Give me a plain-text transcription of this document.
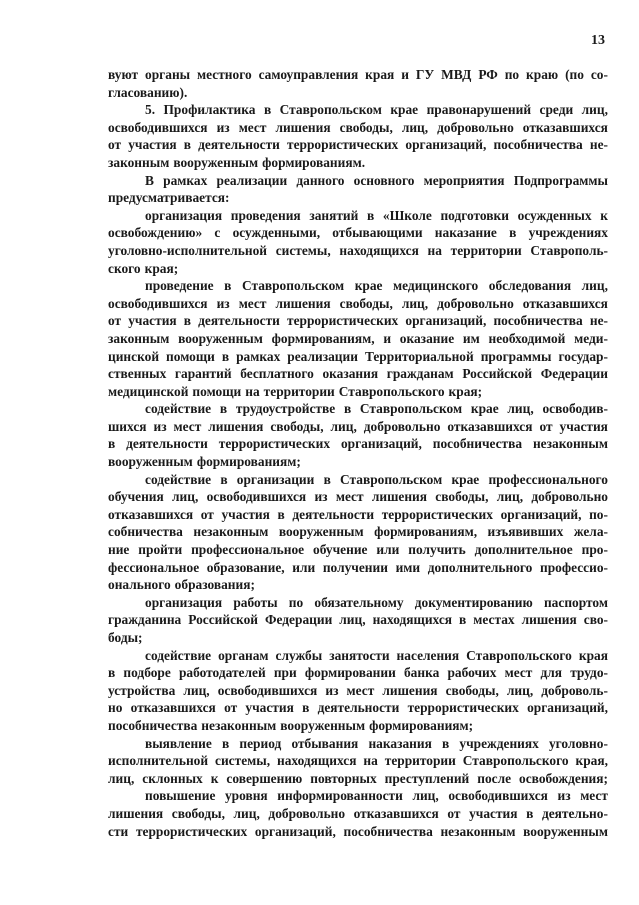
13
вуют органы местного самоуправления края и ГУ МВД РФ по краю (по со-
гласованию).
5. Профилактика в Ставропольском крае правонарушений среди лиц,
освободившихся из мест лишения свободы, лиц, добровольно отказавшихся
от участия в деятельности террористических организаций, пособничества не-
законным вооруженным формированиям.
В рамках реализации данного основного мероприятия Подпрограммы
предусматривается:
организация проведения занятий в «Школе подготовки осужденных к
освобождению» с осужденными, отбывающими наказание в учреждениях
уголовно-исполнительной системы, находящихся на территории Ставрополь-
ского края;
проведение в Ставропольском крае медицинского обследования лиц,
освободившихся из мест лишения свободы, лиц, добровольно отказавшихся
от участия в деятельности террористических организаций, пособничества не-
законным вооруженным формированиям, и оказание им необходимой меди-
цинской помощи в рамках реализации Территориальной программы государ-
ственных гарантий бесплатного оказания гражданам Российской Федерации
медицинской помощи на территории Ставропольского края;
содействие в трудоустройстве в Ставропольском крае лиц, освободив-
шихся из мест лишения свободы, лиц, добровольно отказавшихся от участия
в деятельности террористических организаций, пособничества незаконным
вооруженным формированиям;
содействие в организации в Ставропольском крае профессионального
обучения лиц, освободившихся из мест лишения свободы, лиц, добровольно
отказавшихся от участия в деятельности террористических организаций, по-
собничества незаконным вооруженным формированиям, изъявивших жела-
ние пройти профессиональное обучение или получить дополнительное про-
фессиональное образование, или получении ими дополнительного профессио-
онального образования;
организация работы по обязательному документированию паспортом
гражданина Российской Федерации лиц, находящихся в местах лишения сво-
боды;
содействие органам службы занятости населения Ставропольского края
в подборе работодателей при формировании банка рабочих мест для трудо-
устройства лиц, освободившихся из мест лишения свободы, лиц, доброволь-
но отказавшихся от участия в деятельности террористических организаций,
пособничества незаконным вооруженным формированиям;
выявление в период отбывания наказания в учреждениях уголовно-
исполнительной системы, находящихся на территории Ставропольского края,
лиц, склонных к совершению повторных преступлений после освобождения;
повышение уровня информированности лиц, освободившихся из мест
лишения свободы, лиц, добровольно отказавшихся от участия в деятельно-
сти террористических организаций, пособничества незаконным вооруженным
